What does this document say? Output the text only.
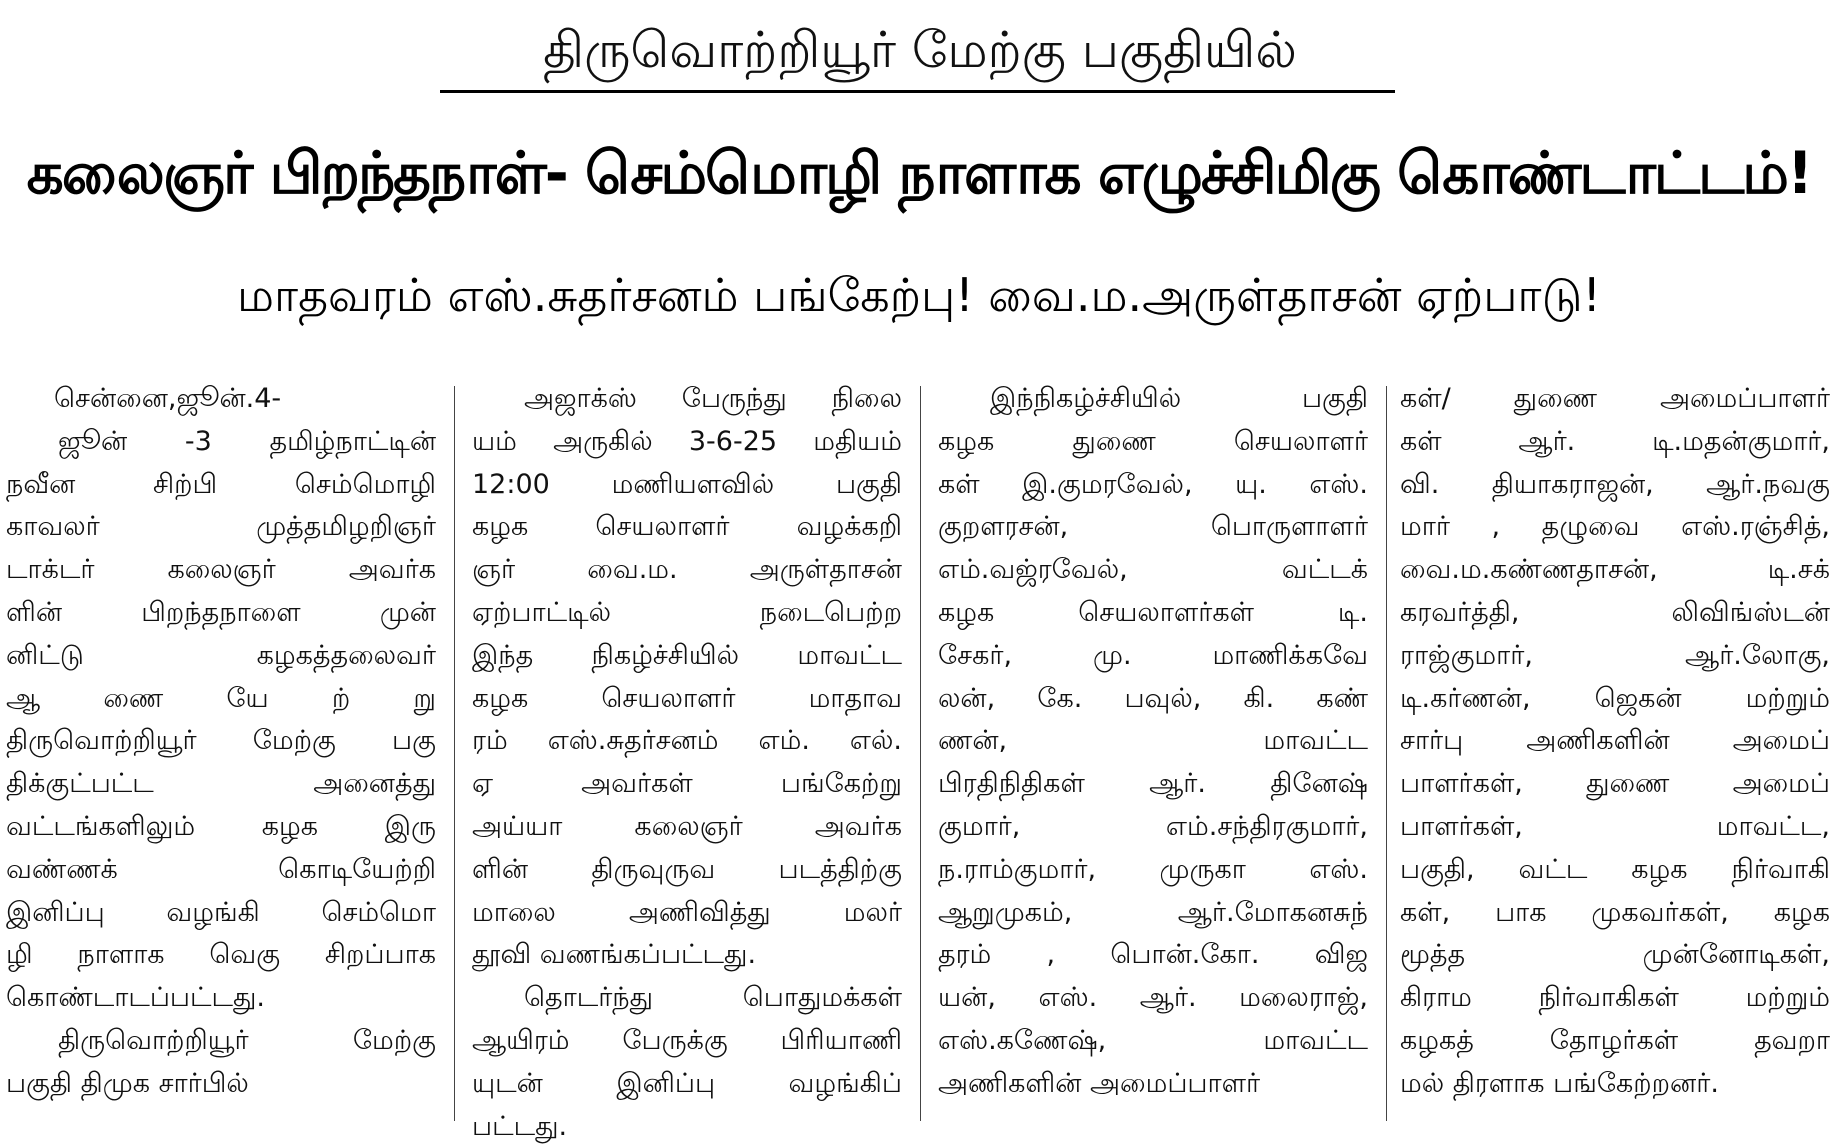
திருவொற்றியூர் மேற்கு பகுதியில்
கலைஞர் பிறந்தநாள்- செம்மொழி நாளாக எழுச்சிமிகு கொண்டாட்டம்!
மாதவரம் எஸ்.சுதர்சனம் பங்கேற்பு! வை.ம.அருள்தாசன் ஏற்பாடு!
சென்னை,ஜூன்.4-
ஜூன் -3 தமிழ்நாட்டின்
நவீன சிற்பி செம்மொழி
காவலர் முத்தமிழறிஞர்
டாக்டர் கலைஞர் அவர்க
ளின் பிறந்தநாளை முன்
னிட்டு கழகத்தலைவர்
ஆ ணை யே ற் று
திருவொற்றியூர் மேற்கு பகு
திக்குட்பட்ட அனைத்து
வட்டங்களிலும் கழக இரு
வண்ணக் கொடியேற்றி
இனிப்பு வழங்கி செம்மொ
ழி நாளாக வெகு சிறப்பாக
கொண்டாடப்பட்டது.
திருவொற்றியூர் மேற்கு
பகுதி திமுக சார்பில்
அஜாக்ஸ் பேருந்து நிலை
யம் அருகில் 3-6-25 மதியம்
12:00 மணியளவில் பகுதி
கழக செயலாளர் வழக்கறி
ஞர் வை.ம. அருள்தாசன்
ஏற்பாட்டில் நடைபெற்ற
இந்த நிகழ்ச்சியில் மாவட்ட
கழக செயலாளர் மாதாவ
ரம் எஸ்.சுதர்சனம் எம். எல்.
ஏ அவர்கள் பங்கேற்று
அய்யா கலைஞர் அவர்க
ளின் திருவுருவ படத்திற்கு
மாலை அணிவித்து மலர்
தூவி வணங்கப்பட்டது.
தொடர்ந்து பொதுமக்கள்
ஆயிரம் பேருக்கு பிரியாணி
யுடன் இனிப்பு வழங்கிப்
பட்டது.
இந்நிகழ்ச்சியில் பகுதி
கழக துணை செயலாளர்
கள் இ.குமரவேல், யு. எஸ்.
குறளரசன், பொருளாளர்
எம்.வஜ்ரவேல், வட்டக்
கழக செயலாளர்கள் டி.
சேகர், மு. மாணிக்கவே
லன், கே. பவுல், கி. கண்
ணன், மாவட்ட
பிரதிநிதிகள் ஆர். தினேஷ்
குமார், எம்.சந்திரகுமார்,
ந.ராம்குமார், முருகா எஸ்.
ஆறுமுகம், ஆர்.மோகனசுந்
தரம் , பொன்.கோ. விஜ
யன், எஸ். ஆர். மலைராஜ்,
எஸ்.கணேஷ், மாவட்ட
அணிகளின் அமைப்பாளர்
கள்/ துணை அமைப்பாளர்
கள் ஆர். டி.மதன்குமார்,
வி. தியாகராஜன், ஆர்.நவகு
மார் , தழுவை எஸ்.ரஞ்சித்,
வை.ம.கண்ணதாசன், டி.சக்
கரவர்த்தி, லிவிங்ஸ்டன்
ராஜ்குமார், ஆர்.லோகு,
டி.கர்ணன், ஜெகன் மற்றும்
சார்பு அணிகளின் அமைப்
பாளர்கள், துணை அமைப்
பாளர்கள், மாவட்ட,
பகுதி, வட்ட கழக நிர்வாகி
கள், பாக முகவர்கள், கழக
மூத்த முன்னோடிகள்,
கிராம நிர்வாகிகள் மற்றும்
கழகத் தோழர்கள் தவறா
மல் திரளாக பங்கேற்றனர்.
